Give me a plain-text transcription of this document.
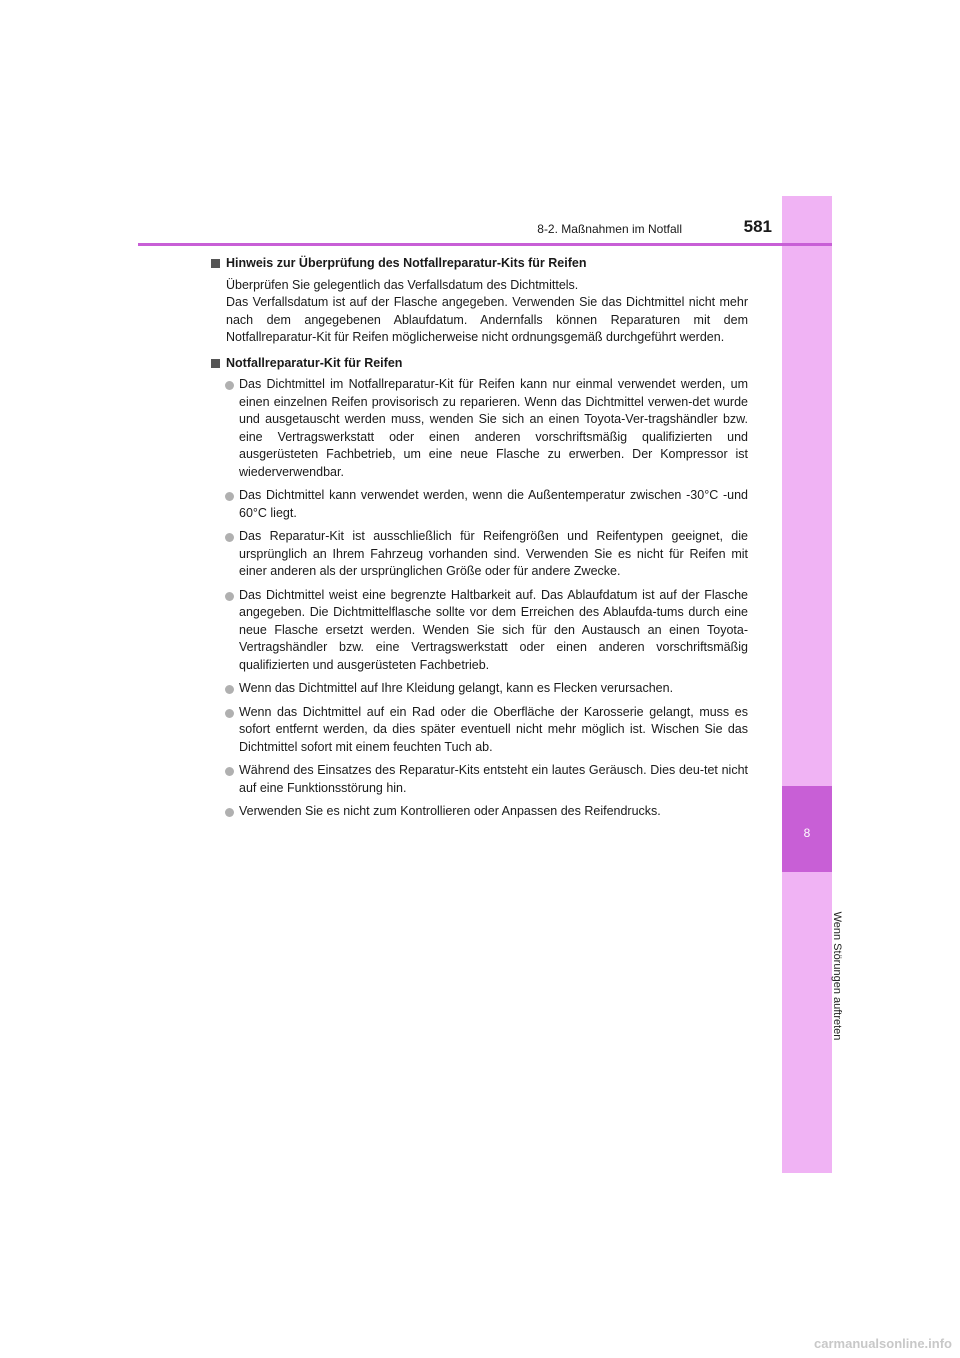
8
Wenn Störungen auftreten
8-2. Maßnahmen im Notfall	581
Hinweis zur Überprüfung des Notfallreparatur-Kits für Reifen

Überprüfen Sie gelegentlich das Verfallsdatum des Dichtmittels.

Das Verfallsdatum ist auf der Flasche angegeben. Verwenden Sie das Dichtmittel nicht mehr nach dem angegebenen Ablaufdatum. Andernfalls können Reparaturen mit dem Notfallreparatur-Kit für Reifen möglicherweise nicht ordnungsgemäß durchgeführt werden.

Notfallreparatur-Kit für Reifen
Das Dichtmittel im Notfallreparatur-Kit für Reifen kann nur einmal verwendet werden, um einen einzelnen Reifen provisorisch zu reparieren. Wenn das Dichtmittel verwen-det wurde und ausgetauscht werden muss, wenden Sie sich an einen Toyota-Ver-tragshändler bzw. eine Vertragswerkstatt oder einen anderen vorschriftsmäßig qualifizierten und ausgerüsteten Fachbetrieb, um eine neue Flasche zu erwerben. Der Kompressor ist wiederverwendbar.
Das Dichtmittel kann verwendet werden, wenn die Außentemperatur zwischen -30°C -und 60°C liegt.
Das Reparatur-Kit ist ausschließlich für Reifengrößen und Reifentypen geeignet, die ursprünglich an Ihrem Fahrzeug vorhanden sind. Verwenden Sie es nicht für Reifen mit einer anderen als der ursprünglichen Größe oder für andere Zwecke.
Das Dichtmittel weist eine begrenzte Haltbarkeit auf. Das Ablaufdatum ist auf der Flasche angegeben. Die Dichtmittelflasche sollte vor dem Erreichen des Ablaufda-tums durch eine neue Flasche ersetzt werden. Wenden Sie sich für den Austausch an einen Toyota-Vertragshändler bzw. eine Vertragswerkstatt oder einen anderen vorschriftsmäßig qualifizierten und ausgerüsteten Fachbetrieb.
Wenn das Dichtmittel auf Ihre Kleidung gelangt, kann es Flecken verursachen.
Wenn das Dichtmittel auf ein Rad oder die Oberfläche der Karosserie gelangt, muss es sofort entfernt werden, da dies später eventuell nicht mehr möglich ist. Wischen Sie das Dichtmittel sofort mit einem feuchten Tuch ab.
Während des Einsatzes des Reparatur-Kits entsteht ein lautes Geräusch. Dies deu-tet nicht auf eine Funktionsstörung hin.
Verwenden Sie es nicht zum Kontrollieren oder Anpassen des Reifendrucks.
carmanualsonline.info
